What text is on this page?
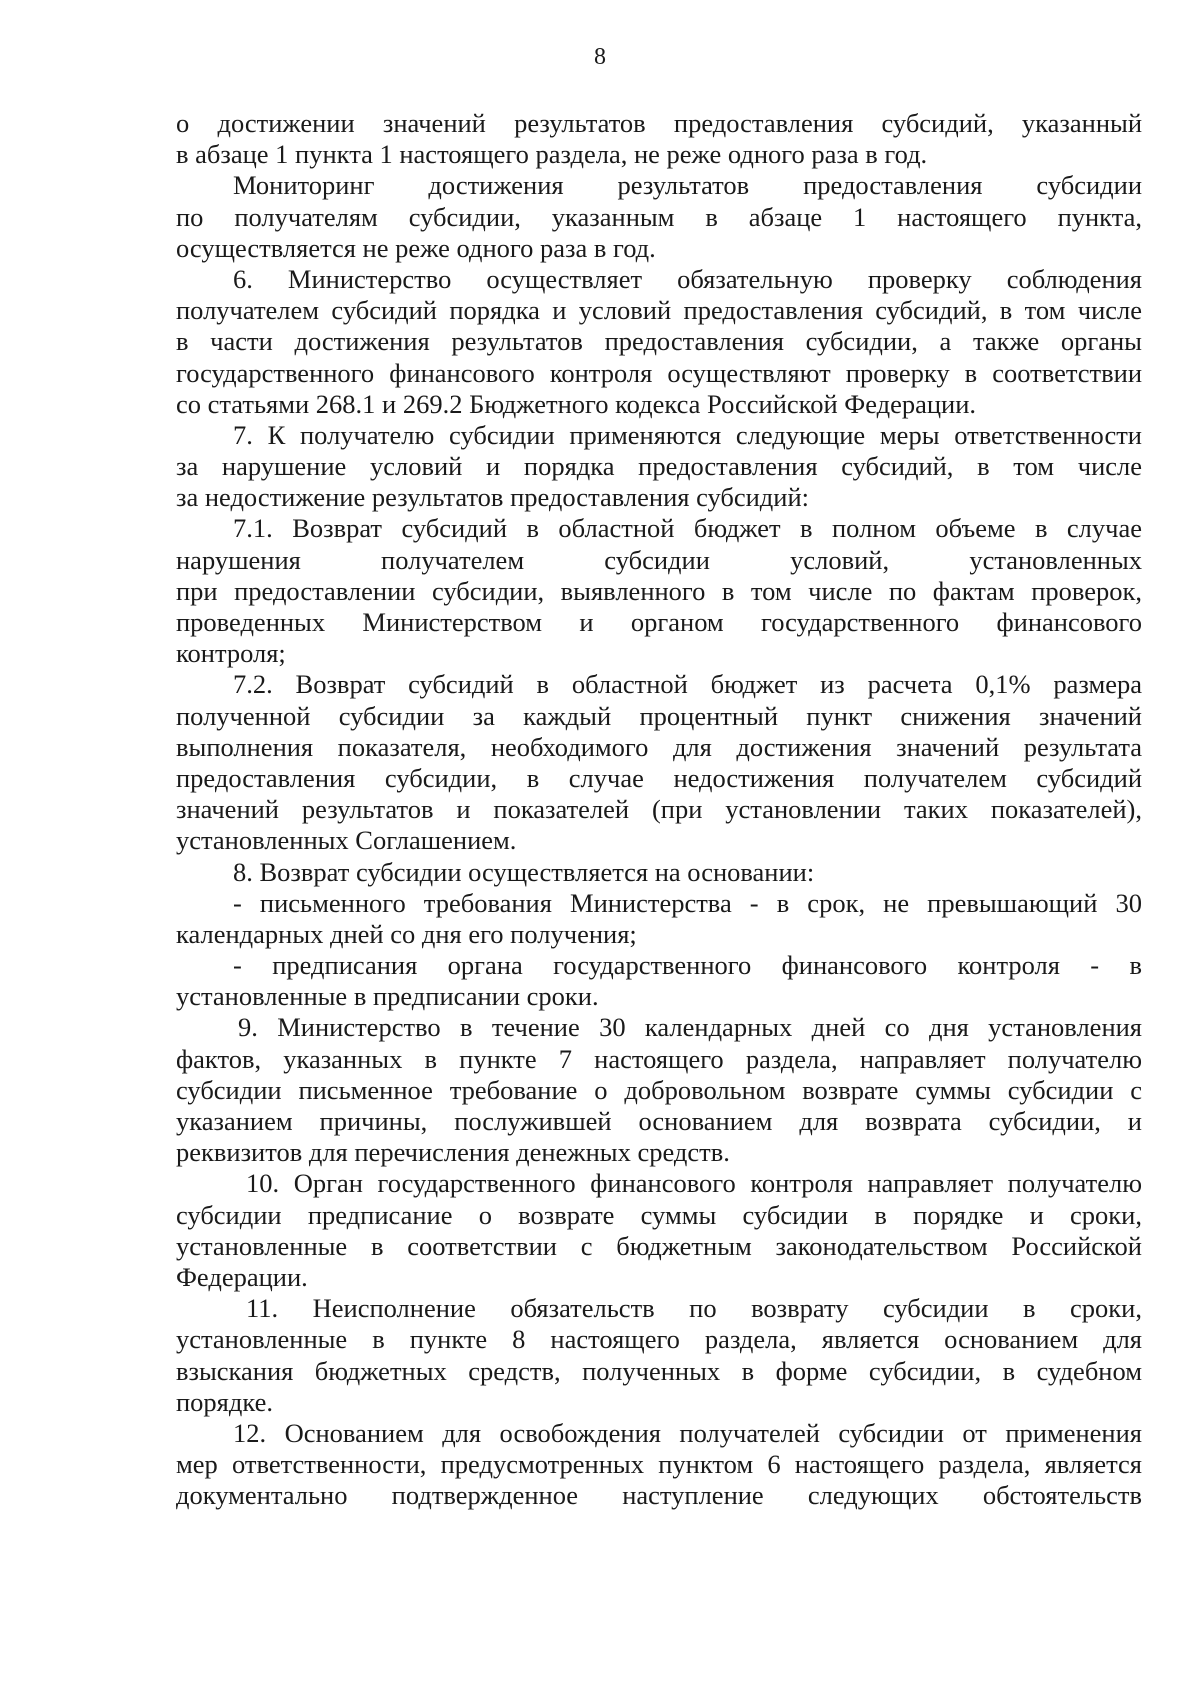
8
о достижении значений результатов предоставления субсидий, указанный
в абзаце 1 пункта 1 настоящего раздела, не реже одного раза в год.
Мониторинг достижения результатов предоставления субсидии
по получателям субсидии, указанным в абзаце 1 настоящего пункта,
осуществляется не реже одного раза в год.
6. Министерство осуществляет обязательную проверку соблюдения
получателем субсидий порядка и условий предоставления субсидий, в том числе
в части достижения результатов предоставления субсидии, а также органы
государственного финансового контроля осуществляют проверку в соответствии
со статьями 268.1 и 269.2 Бюджетного кодекса Российской Федерации.
7. К получателю субсидии применяются следующие меры ответственности
за нарушение условий и порядка предоставления субсидий, в том числе
за недостижение результатов предоставления субсидий:
7.1. Возврат субсидий в областной бюджет в полном объеме в случае
нарушения получателем субсидии условий, установленных
при предоставлении субсидии, выявленного в том числе по фактам проверок,
проведенных Министерством и органом государственного финансового
контроля;
7.2. Возврат субсидий в областной бюджет из расчета 0,1% размера
полученной субсидии за каждый процентный пункт снижения значений
выполнения показателя, необходимого для достижения значений результата
предоставления субсидии, в случае недостижения получателем субсидий
значений результатов и показателей (при установлении таких показателей),
установленных Соглашением.
8. Возврат субсидии осуществляется на основании:
- письменного требования Министерства - в срок, не превышающий 30
календарных дней со дня его получения;
- предписания органа государственного финансового контроля - в
установленные в предписании сроки.
9. Министерство в течение 30 календарных дней со дня установления
фактов, указанных в пункте 7 настоящего раздела, направляет получателю
субсидии письменное требование о добровольном возврате суммы субсидии с
указанием причины, послужившей основанием для возврата субсидии, и
реквизитов для перечисления денежных средств.
10. Орган государственного финансового контроля направляет получателю
субсидии предписание о возврате суммы субсидии в порядке и сроки,
установленные в соответствии с бюджетным законодательством Российской
Федерации.
11. Неисполнение обязательств по возврату субсидии в сроки,
установленные в пункте 8 настоящего раздела, является основанием для
взыскания бюджетных средств, полученных в форме субсидии, в судебном
порядке.
12. Основанием для освобождения получателей субсидии от применения
мер ответственности, предусмотренных пунктом 6 настоящего раздела, является
документально подтвержденное наступление следующих обстоятельств
